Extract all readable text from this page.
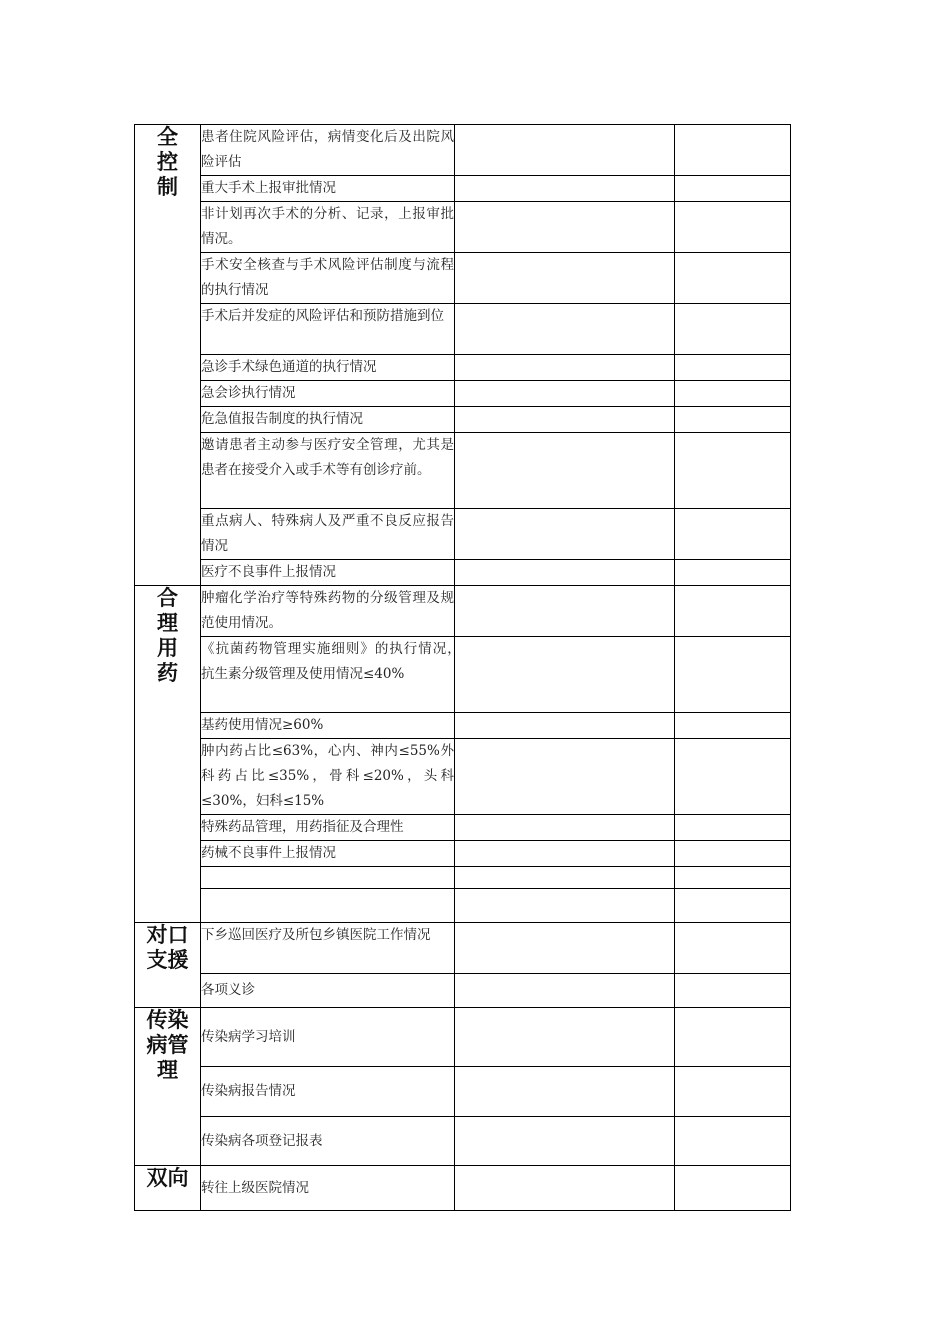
全控制	患者住院风险评估，病情变化后及出院风险评估		
	重大手术上报审批情况		
	非计划再次手术的分析、记录，上报审批情况。		
	手术安全核查与手术风险评估制度与流程的执行情况		
	手术后并发症的风险评估和预防措施到位		
	急诊手术绿色通道的执行情况		
	急会诊执行情况		
	危急值报告制度的执行情况		
	邀请患者主动参与医疗安全管理，尤其是患者在接受介入或手术等有创诊疗前。		
	重点病人、特殊病人及严重不良反应报告情况		
	医疗不良事件上报情况		
合理用药	肿瘤化学治疗等特殊药物的分级管理及规范使用情况。		
	《抗菌药物管理实施细则》的执行情况，　抗生素分级管理及使用情况≤40%		
	基药使用情况≥60%		
	肿内药占比≤63%，心内、神内≤55%外科药占比≤35%，骨科≤20%，头科≤30%，妇科≤15%		
	特殊药品管理，用药指征及合理性		
	药械不良事件上报情况		

对口支援	下乡巡回医疗及所包乡镇医院工作情况		
	各项义诊		
传染病管理	传染病学习培训		
	传染病报告情况		
	传染病各项登记报表		
双向	转往上级医院情况		
